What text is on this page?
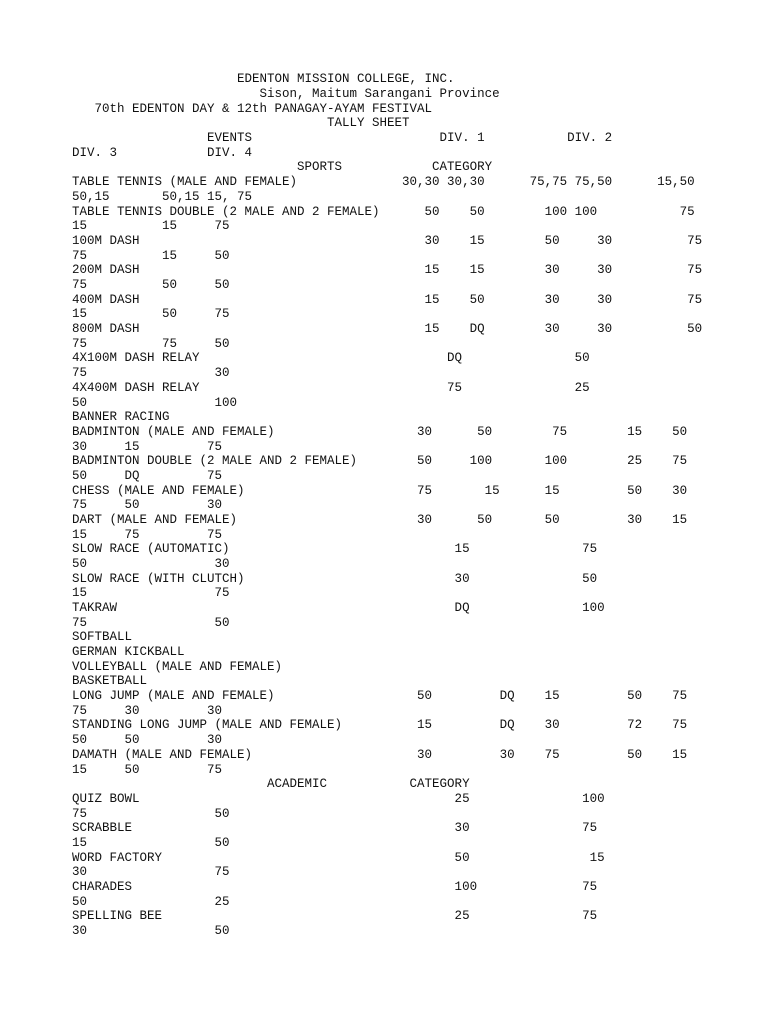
EDENTON MISSION COLLEGE, INC.

Sison, Maitum Sarangani Province

70th EDENTON DAY & 12th PANAGAY-AYAM FESTIVAL

TALLY SHEET

EVENTS                         DIV. 1           DIV. 2

DIV. 3            DIV. 4

SPORTS            CATEGORY

TABLE TENNIS (MALE AND FEMALE)              30,30 30,30      75,75 75,50      15,50

50,15       50,15 15, 75

TABLE TENNIS DOUBLE (2 MALE AND 2 FEMALE)      50    50        100 100           75

15          15     75

100M DASH                                      30    15        50     30          75

75          15     50

200M DASH                                      15    15        30     30          75

75          50     50

400M DASH                                      15    50        30     30          75

15          50     75

800M DASH                                      15    DQ        30     30          50

75          75     50

4X100M DASH RELAY                                 DQ               50

75                 30

4X400M DASH RELAY                                 75               25

50                 100

BANNER RACING

BADMINTON (MALE AND FEMALE)                   30      50        75        15    50

30     15         75

BADMINTON DOUBLE (2 MALE AND 2 FEMALE)        50     100       100        25    75

50     DQ         75

CHESS (MALE AND FEMALE)                       75       15      15         50    30

75     50         30

DART (MALE AND FEMALE)                        30      50       50         30    15

15     75         75

SLOW RACE (AUTOMATIC)                              15               75

50                 30

SLOW RACE (WITH CLUTCH)                            30               50

15                 75

TAKRAW                                             DQ               100

75                 50

SOFTBALL

GERMAN KICKBALL

VOLLEYBALL (MALE AND FEMALE)

BASKETBALL

LONG JUMP (MALE AND FEMALE)                   50         DQ    15         50    75

75     30         30

STANDING LONG JUMP (MALE AND FEMALE)          15         DQ    30         72    75

50     50         30

DAMATH (MALE AND FEMALE)                      30         30    75         50    15

15     50         75

ACADEMIC           CATEGORY

QUIZ BOWL                                          25               100

75                 50

SCRABBLE                                           30               75

15                 50

WORD FACTORY                                       50                15

30                 75

CHARADES                                           100              75

50                 25

SPELLING BEE                                       25               75

30                 50
